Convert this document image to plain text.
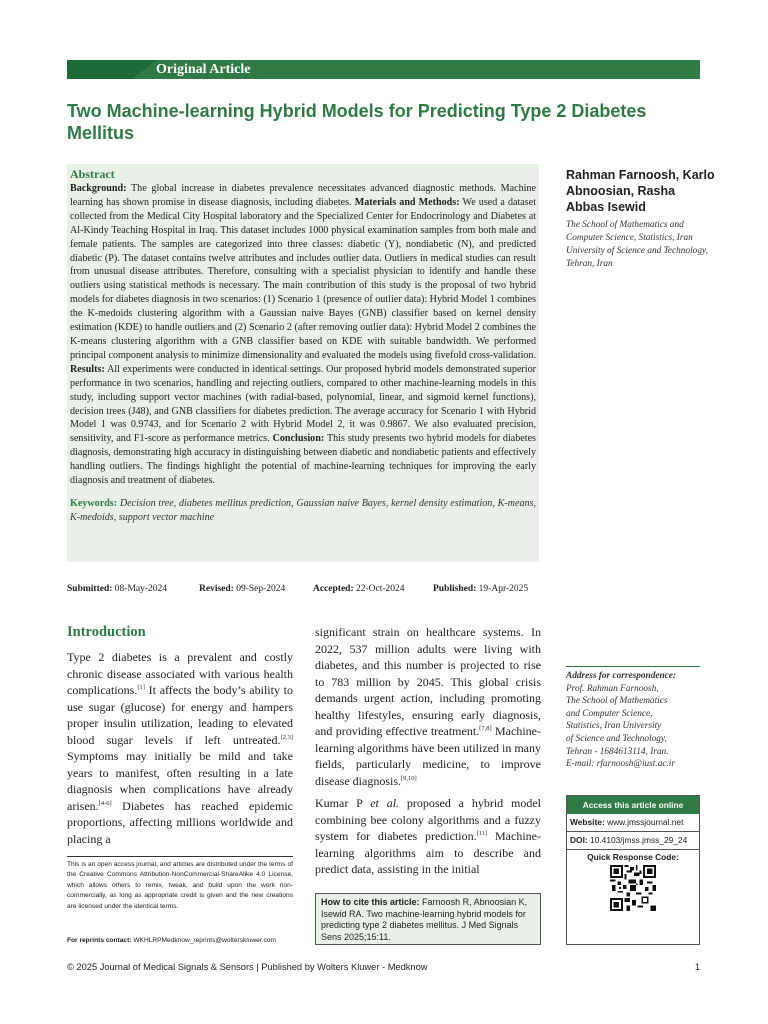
Original Article
Two Machine-learning Hybrid Models for Predicting Type 2 Diabetes Mellitus
Abstract

Background: The global increase in diabetes prevalence necessitates advanced diagnostic methods. Machine learning has shown promise in disease diagnosis, including diabetes. Materials and Methods: We used a dataset collected from the Medical City Hospital laboratory and the Specialized Center for Endocrinology and Diabetes at Al-Kindy Teaching Hospital in Iraq. This dataset includes 1000 physical examination samples from both male and female patients. The samples are categorized into three classes: diabetic (Y), nondiabetic (N), and predicted diabetic (P). The dataset contains twelve attributes and includes outlier data. Outliers in medical studies can result from unusual disease attributes. Therefore, consulting with a specialist physician to identify and handle these outliers using statistical methods is necessary. The main contribution of this study is the proposal of two hybrid models for diabetes diagnosis in two scenarios: (1) Scenario 1 (presence of outlier data): Hybrid Model 1 combines the K-medoids clustering algorithm with a Gaussian naive Bayes (GNB) classifier based on kernel density estimation (KDE) to handle outliers and (2) Scenario 2 (after removing outlier data): Hybrid Model 2 combines the K-means clustering algorithm with a GNB classifier based on KDE with suitable bandwidth. We performed principal component analysis to minimize dimensionality and evaluated the models using fivefold cross-validation. Results: All experiments were conducted in identical settings. Our proposed hybrid models demonstrated superior performance in two scenarios, handling and rejecting outliers, compared to other machine-learning models in this study, including support vector machines (with radial-based, polynomial, linear, and sigmoid kernel functions), decision trees (J48), and GNB classifiers for diabetes prediction. The average accuracy for Scenario 1 with Hybrid Model 1 was 0.9743, and for Scenario 2 with Hybrid Model 2, it was 0.9867. We also evaluated precision, sensitivity, and F1-score as performance metrics. Conclusion: This study presents two hybrid models for diabetes diagnosis, demonstrating high accuracy in distinguishing between diabetic and nondiabetic patients and effectively handling outliers. The findings highlight the potential of machine-learning techniques for improving the early diagnosis and treatment of diabetes.

Keywords: Decision tree, diabetes mellitus prediction, Gaussian naive Bayes, kernel density estimation, K-means, K-medoids, support vector machine

Rahman Farnoosh, Karlo Abnoosian, Rasha Abbas Isewid

The School of Mathematics and Computer Science, Statistics, Iran University of Science and Technology, Tehran, Iran
Submitted: 08-May-2024	Revised: 09-Sep-2024	Accepted: 22-Oct-2024	Published: 19-Apr-2025
Introduction

Type 2 diabetes is a prevalent and costly chronic disease associated with various health complications.[1] It affects the body’s ability to use sugar (glucose) for energy and hampers proper insulin utilization, leading to elevated blood sugar levels if left untreated.[2,3] Symptoms may initially be mild and take years to manifest, often resulting in a late diagnosis when complications have already arisen.[4-6] Diabetes has reached epidemic proportions, affecting millions worldwide and placing a

significant strain on healthcare systems. In 2022, 537 million adults were living with diabetes, and this number is projected to rise to 783 million by 2045. This global crisis demands urgent action, including promoting healthy lifestyles, ensuring early diagnosis, and providing effective treatment.[7,8] Machine-learning algorithms have been utilized in many fields, particularly medicine, to improve disease diagnosis.[9,10]

Kumar P et al. proposed a hybrid model combining bee colony algorithms and a fuzzy system for diabetes prediction.[11] Machine-learning algorithms aim to describe and predict data, assisting in the initial

This is an open access journal, and articles are distributed under the terms of the Creative Commons Attribution-NonCommercial-ShareAlike 4.0 License, which allows others to remix, tweak, and build upon the work non-commercially, as long as appropriate credit is given and the new creations are licensed under the identical terms.
For reprints contact: WKHLRPMedknow_reprints@wolterskluwer.com
How to cite this article: Farnoosh R, Abnoosian K, Isewid RA. Two machine-learning hybrid models for predicting type 2 diabetes mellitus. J Med Signals Sens 2025;15:11.
Address for correspondence:
Prof. Rahman Farnoosh,
The School of Mathematics
and Computer Science,
Statistics, Iran University
of Science and Technology,
Tehran - 1684613114, Iran.
E-mail: rfarnoosh@iust.ac.ir
Access this article online
Website: www.jmssjournal.net
DOI: 10.4103/jmss.jmss_29_24
Quick Response Code:
© 2025 Journal of Medical Signals & Sensors | Published by Wolters Kluwer - Medknow	1
